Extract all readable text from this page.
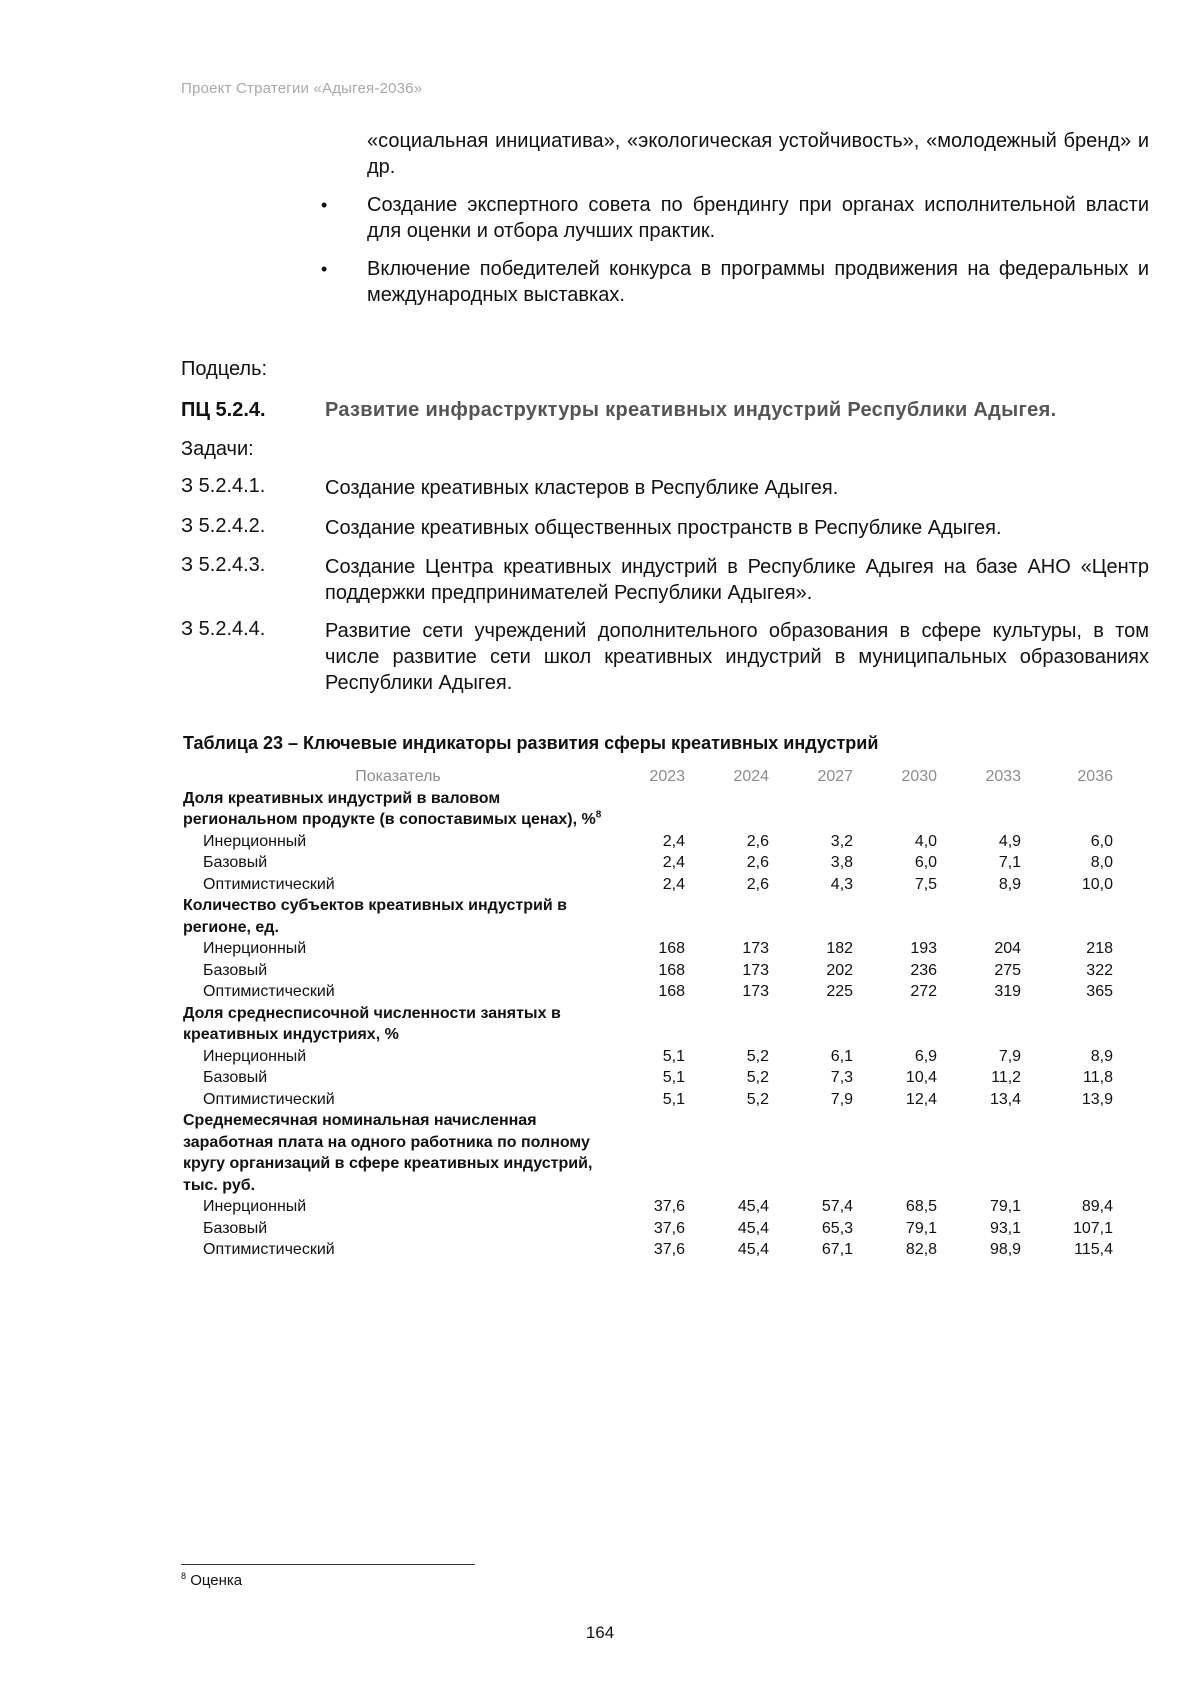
Проект Стратегии «Адыгея-2036»
«социальная инициатива», «экологическая устойчивость», «молодежный бренд» и др.
• Создание экспертного совета по брендингу при органах исполнительной власти для оценки и отбора лучших практик.
• Включение победителей конкурса в программы продвижения на федеральных и международных выставках.
Подцель:
ПЦ 5.2.4.	Развитие инфраструктуры креативных индустрий Республики Адыгея.
Задачи:
З 5.2.4.1.	Создание креативных кластеров в Республике Адыгея.
З 5.2.4.2.	Создание креативных общественных пространств в Республике Адыгея.
З 5.2.4.3.	Создание Центра креативных индустрий в Республике Адыгея на базе АНО «Центр поддержки предпринимателей Республики Адыгея».
З 5.2.4.4.	Развитие сети учреждений дополнительного образования в сфере культуры, в том числе развитие сети школ креативных индустрий в муниципальных образованиях Республики Адыгея.
Таблица 23 – Ключевые индикаторы развития сферы креативных индустрий
Показатель	2023	2024	2027	2030	2033	2036
Доля креативных индустрий в валовом региональном продукте (в сопоставимых ценах), %$^8$						
Инерционный	2,4	2,6	3,2	4,0	4,9	6,0
Базовый	2,4	2,6	3,8	6,0	7,1	8,0
Оптимистический	2,4	2,6	4,3	7,5	8,9	10,0
Количество субъектов креативных индустрий в регионе, ед.						
Инерционный	168	173	182	193	204	218
Базовый	168	173	202	236	275	322
Оптимистический	168	173	225	272	319	365
Доля среднесписочной численности занятых в креативных индустриях, %						
Инерционный	5,1	5,2	6,1	6,9	7,9	8,9
Базовый	5,1	5,2	7,3	10,4	11,2	11,8
Оптимистический	5,1	5,2	7,9	12,4	13,4	13,9
Среднемесячная номинальная начисленная заработная плата на одного работника по полному кругу организаций в сфере креативных индустрий, тыс. руб.						
Инерционный	37,6	45,4	57,4	68,5	79,1	89,4
Базовый	37,6	45,4	65,3	79,1	93,1	107,1
Оптимистический	37,6	45,4	67,1	82,8	98,9	115,4
$^8$ Оценка
164
